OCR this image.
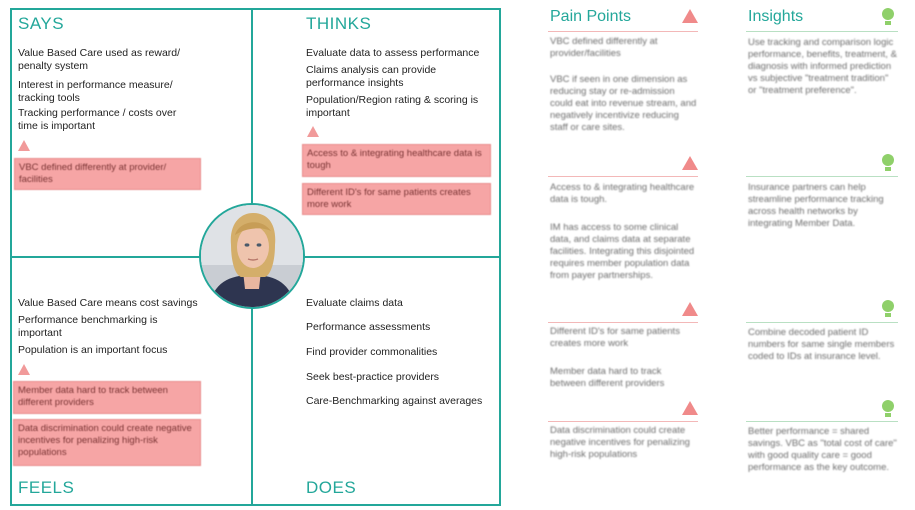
SAYS
Value Based Care used as reward/ penalty system
Interest in performance measure/ tracking tools
Tracking performance / costs over time is important
VBC defined differently at provider/ facilities
THINKS
Evaluate data to assess performance
Claims analysis can provide performance insights
Population/Region rating & scoring is important
Access to & integrating healthcare data is tough
Different ID's for same patients creates more work
Value Based Care means cost savings
Performance benchmarking is important
Population is an important focus
Member data hard to track between different providers
Data discrimination could create negative incentives for penalizing high-risk populations
FEELS
Evaluate claims data
Performance assessments
Find provider commonalities
Seek best-practice providers
Care-Benchmarking against averages
DOES
Pain Points
VBC defined differently at provider/facilities
VBC if seen in one dimension as reducing stay or re-admission could eat into revenue stream, and negatively incentivize reducing staff or care sites.
Access to & integrating healthcare data is tough.
IM has access to some clinical data, and claims data at separate facilities. Integrating this disjointed requires member population data from payer partnerships.
Different ID's for same patients creates more work
Member data hard to track between different providers
Data discrimination could create negative incentives for penalizing high-risk populations
Insights
Use tracking and comparison logic performance, benefits, treatment, & diagnosis with informed prediction vs subjective "treatment tradition" or "treatment preference".
Insurance partners can help streamline performance tracking across health networks by integrating Member Data.
Combine decoded patient ID numbers for same single members coded to IDs at insurance level.
Better performance = shared savings. VBC as "total cost of care" with good quality care = good performance as the key outcome.
